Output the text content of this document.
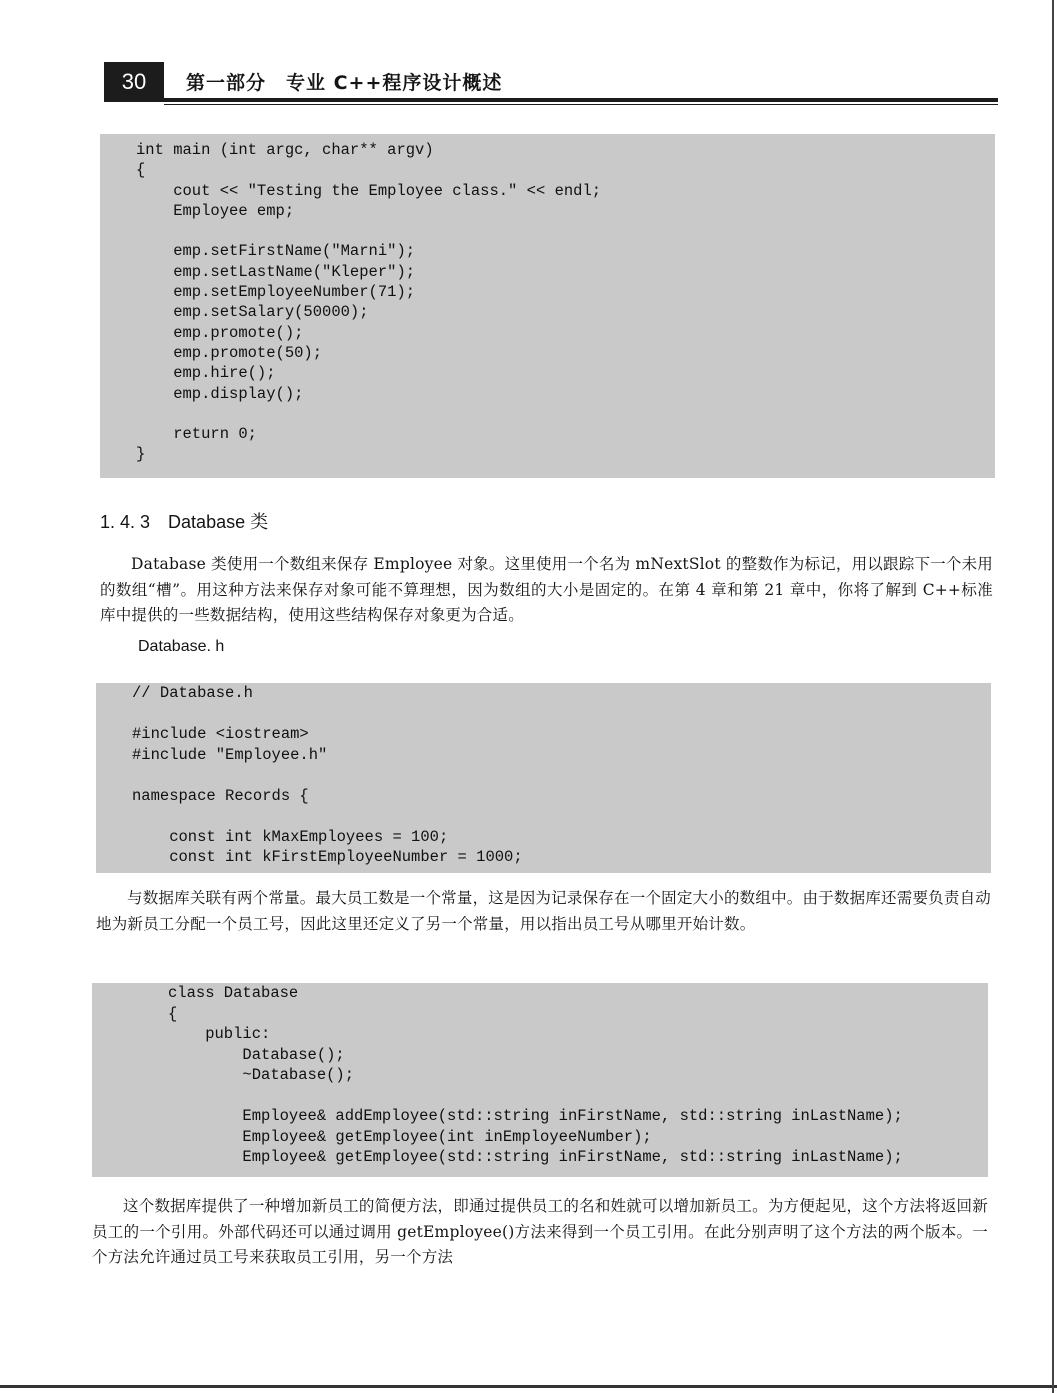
30	第一部分　专业 C++程序设计概述
int main (int argc, char** argv)
{
cout << "Testing the Employee class." << endl;
Employee emp;

emp.setFirstName("Marni");
emp.setLastName("Kleper");
emp.setEmployeeNumber(71);
emp.setSalary(50000);
emp.promote();
emp.promote(50);
emp.hire();
emp.display();

return 0;
}
1. 4. 3 Database 类

Database 类使用一个数组来保存 Employee 对象。这里使用一个名为 mNextSlot 的整数作为标记，用以跟踪下一个未用的数组“槽”。用这种方法来保存对象可能不算理想，因为数组的大小是固定的。在第 4 章和第 21 章中，你将了解到 C++标准库中提供的一些数据结构，使用这些结构保存对象更为合适。

Database. h
// Database.h

#include <iostream>
#include "Employee.h"

namespace Records {

const int kMaxEmployees = 100;
const int kFirstEmployeeNumber = 1000;

与数据库关联有两个常量。最大员工数是一个常量，这是因为记录保存在一个固定大小的数组中。由于数据库还需要负责自动地为新员工分配一个员工号，因此这里还定义了另一个常量，用以指出员工号从哪里开始计数。

class Database
{
public:
Database();
~Database();

Employee& addEmployee(std::string inFirstName, std::string inLastName);
Employee& getEmployee(int inEmployeeNumber);
Employee& getEmployee(std::string inFirstName, std::string inLastName);

这个数据库提供了一种增加新员工的简便方法，即通过提供员工的名和姓就可以增加新员工。为方便起见，这个方法将返回新员工的一个引用。外部代码还可以通过调用 getEmployee()方法来得到一个员工引用。在此分别声明了这个方法的两个版本。一个方法允许通过员工号来获取员工引用，另一个方法
